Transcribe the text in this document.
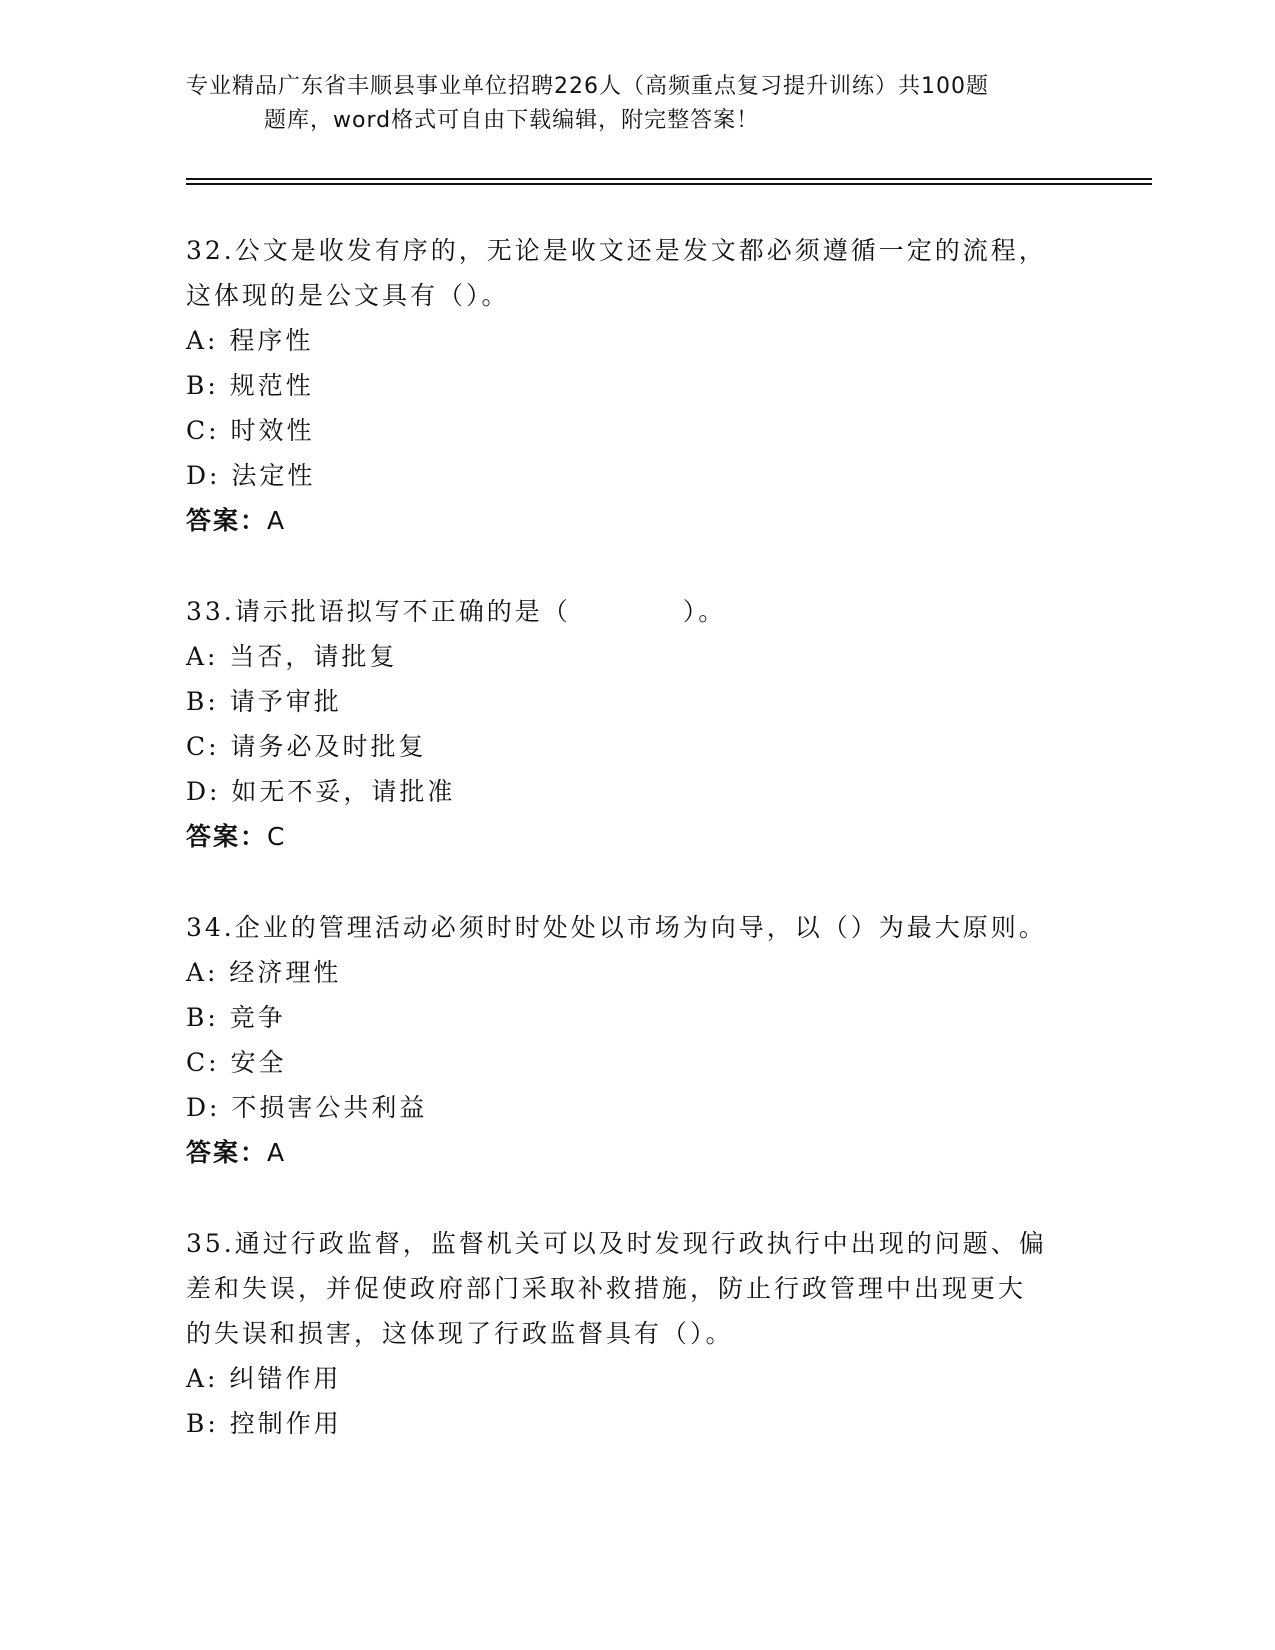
专业精品广东省丰顺县事业单位招聘226人（高频重点复习提升训练）共100题
题库，word格式可自由下载编辑，附完整答案！
32.公文是收发有序的，无论是收文还是发文都必须遵循一定的流程，
这体现的是公文具有（）。
A: 程序性
B: 规范性
C: 时效性
D: 法定性
答案：A
33.请示批语拟写不正确的是（　　　　）。
A: 当否，请批复
B: 请予审批
C: 请务必及时批复
D: 如无不妥，请批准
答案：C
34.企业的管理活动必须时时处处以市场为向导，以（）为最大原则。
A: 经济理性
B: 竞争
C: 安全
D: 不损害公共利益
答案：A
35.通过行政监督，监督机关可以及时发现行政执行中出现的问题、偏
差和失误，并促使政府部门采取补救措施，防止行政管理中出现更大
的失误和损害，这体现了行政监督具有（）。
A: 纠错作用
B: 控制作用
